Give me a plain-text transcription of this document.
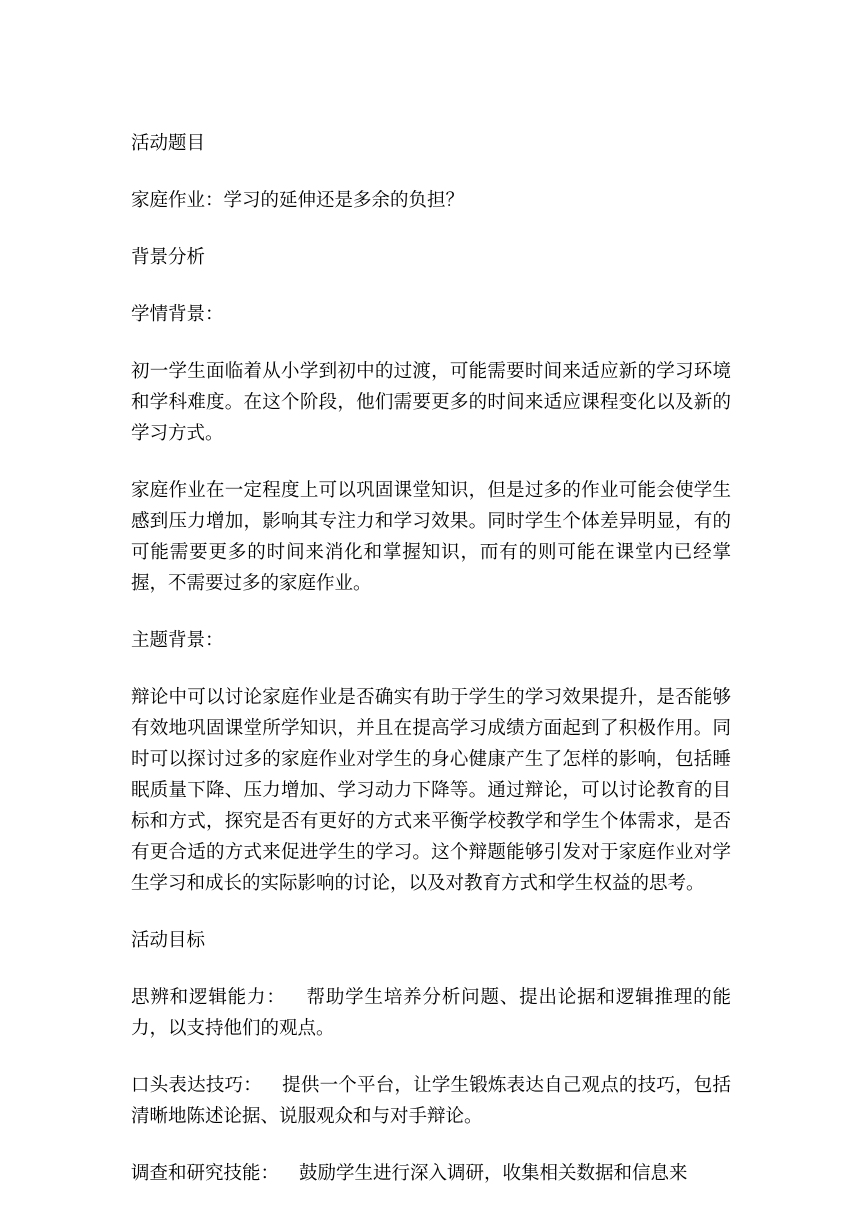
活动题目

家庭作业：学习的延伸还是多余的负担？

背景分析

学情背景：

初一学生面临着从小学到初中的过渡，可能需要时间来适应新的学习环境和学科难度。在这个阶段，他们需要更多的时间来适应课程变化以及新的学习方式。

家庭作业在一定程度上可以巩固课堂知识，但是过多的作业可能会使学生感到压力增加，影响其专注力和学习效果。同时学生个体差异明显，有的可能需要更多的时间来消化和掌握知识，而有的则可能在课堂内已经掌握，不需要过多的家庭作业。

主题背景：

辩论中可以讨论家庭作业是否确实有助于学生的学习效果提升，是否能够有效地巩固课堂所学知识，并且在提高学习成绩方面起到了积极作用。同时可以探讨过多的家庭作业对学生的身心健康产生了怎样的影响，包括睡眠质量下降、压力增加、学习动力下降等。通过辩论，可以讨论教育的目标和方式，探究是否有更好的方式来平衡学校教学和学生个体需求，是否有更合适的方式来促进学生的学习。这个辩题能够引发对于家庭作业对学生学习和成长的实际影响的讨论，以及对教育方式和学生权益的思考。

活动目标

思辨和逻辑能力： 帮助学生培养分析问题、提出论据和逻辑推理的能力，以支持他们的观点。

口头表达技巧： 提供一个平台，让学生锻炼表达自己观点的技巧，包括清晰地陈述论据、说服观众和与对手辩论。

调查和研究技能： 鼓励学生进行深入调研，收集相关数据和信息来
